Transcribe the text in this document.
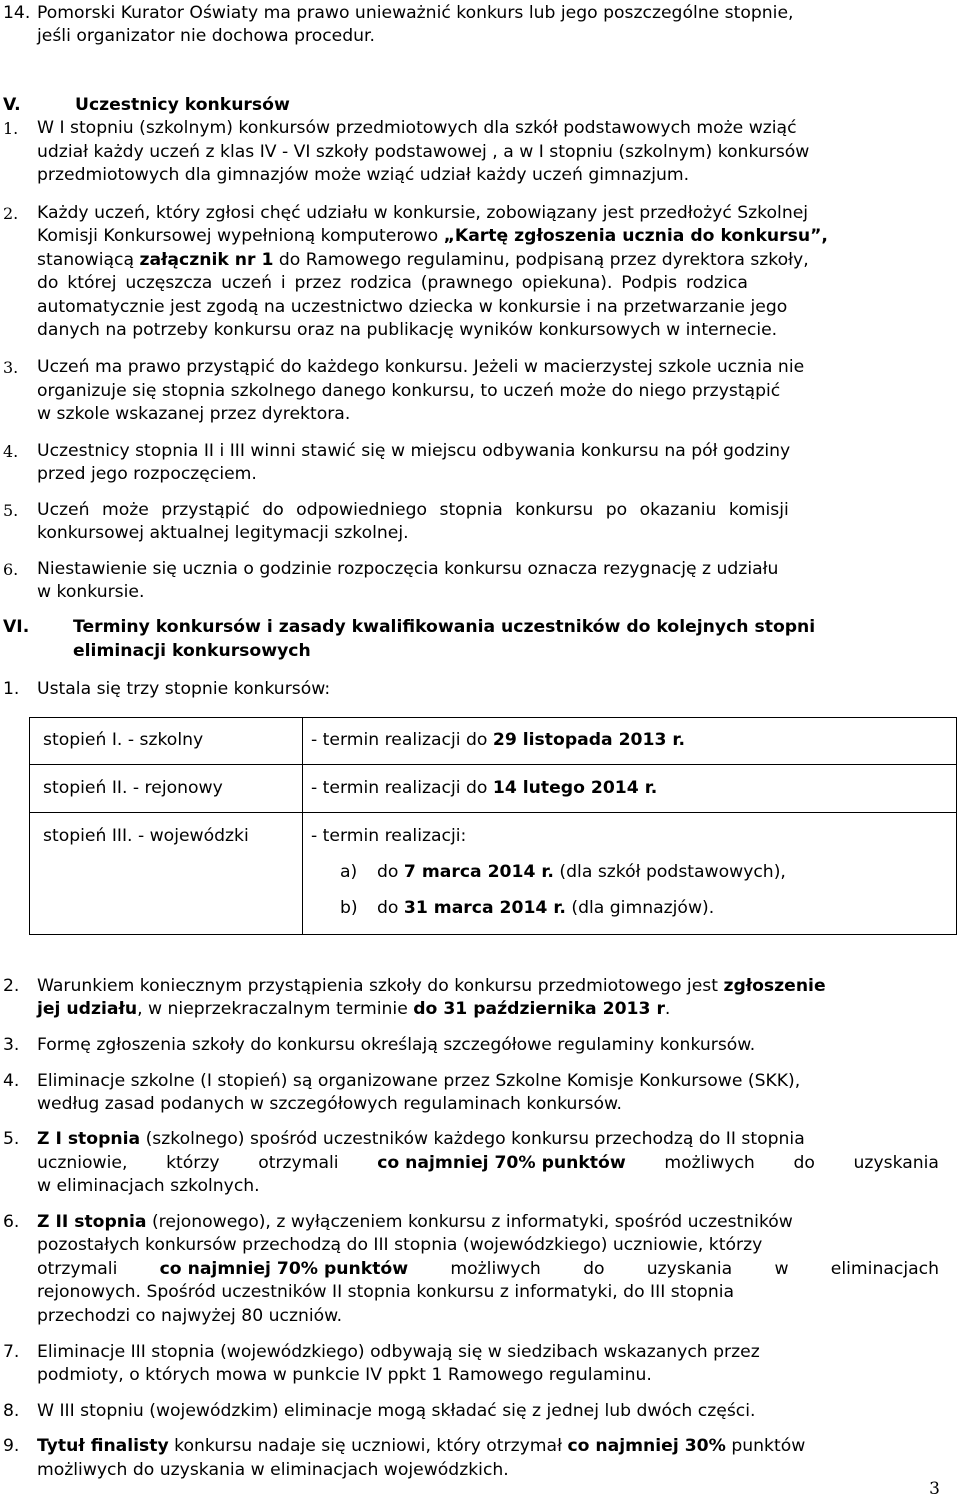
14. Pomorski Kurator Oświaty ma prawo unieważnić konkurs lub jego poszczególne stopnie,
jeśli organizator nie dochowa procedur.
V.	Uczestnicy konkursów
1. W I stopniu (szkolnym) konkursów przedmiotowych dla szkół podstawowych może wziąć
udział każdy uczeń z klas IV - VI szkoły podstawowej , a w I stopniu (szkolnym) konkursów
przedmiotowych dla gimnazjów może wziąć udział każdy uczeń gimnazjum.
2. Każdy uczeń, który zgłosi chęć udziału w konkursie, zobowiązany jest przedłożyć Szkolnej
Komisji Konkursowej wypełnioną komputerowo „Kartę zgłoszenia ucznia do konkursu”,
stanowiącą załącznik nr 1 do Ramowego regulaminu, podpisaną przez dyrektora szkoły,
do której uczęszcza uczeń i przez rodzica (prawnego opiekuna). Podpis rodzica
automatycznie jest zgodą na uczestnictwo dziecka w konkursie i na przetwarzanie jego
danych na potrzeby konkursu oraz na publikację wyników konkursowych w internecie.
3. Uczeń ma prawo przystąpić do każdego konkursu. Jeżeli w macierzystej szkole ucznia nie
organizuje się stopnia szkolnego danego konkursu, to uczeń może do niego przystąpić
w szkole wskazanej przez dyrektora.
4. Uczestnicy stopnia II i III winni stawić się w miejscu odbywania konkursu na pół godziny
przed jego rozpoczęciem.
5. Uczeń może przystąpić do odpowiedniego stopnia konkursu po okazaniu komisji
konkursowej aktualnej legitymacji szkolnej.
6. Niestawienie się ucznia o godzinie rozpoczęcia konkursu oznacza rezygnację z udziału
w konkursie.
VI.	Terminy konkursów i zasady kwalifikowania uczestników do kolejnych stopni
eliminacji konkursowych
1. Ustala się trzy stopnie konkursów:
stopień I. - szkolny	- termin realizacji do 29 listopada 2013 r.
stopień II. - rejonowy	- termin realizacji do 14 lutego 2014 r.
stopień III. - wojewódzki	- termin realizacji:
a) do 7 marca 2014 r. (dla szkół podstawowych),
b) do 31 marca 2014 r. (dla gimnazjów).
2. Warunkiem koniecznym przystąpienia szkoły do konkursu przedmiotowego jest zgłoszenie
jej udziału, w nieprzekraczalnym terminie do 31 października 2013 r.
3. Formę zgłoszenia szkoły do konkursu określają szczegółowe regulaminy konkursów.
4. Eliminacje szkolne (I stopień) są organizowane przez Szkolne Komisje Konkursowe (SKK),
według zasad podanych w szczegółowych regulaminach konkursów.
5. Z I stopnia (szkolnego) spośród uczestników każdego konkursu przechodzą do II stopnia
uczniowie, którzy otrzymali co najmniej 70% punktów możliwych do uzyskania
w eliminacjach szkolnych.
6. Z II stopnia (rejonowego), z wyłączeniem konkursu z informatyki, spośród uczestników
pozostałych konkursów przechodzą do III stopnia (wojewódzkiego) uczniowie, którzy
otrzymali co najmniej 70% punktów możliwych do uzyskania w eliminacjach
rejonowych. Spośród uczestników II stopnia konkursu z informatyki, do III stopnia
przechodzi co najwyżej 80 uczniów.
7. Eliminacje III stopnia (wojewódzkiego) odbywają się w siedzibach wskazanych przez
podmioty, o których mowa w punkcie IV ppkt 1 Ramowego regulaminu.
8. W III stopniu (wojewódzkim) eliminacje mogą składać się z jednej lub dwóch części.
9. Tytuł finalisty konkursu nadaje się uczniowi, który otrzymał co najmniej 30% punktów
możliwych do uzyskania w eliminacjach wojewódzkich.
3
